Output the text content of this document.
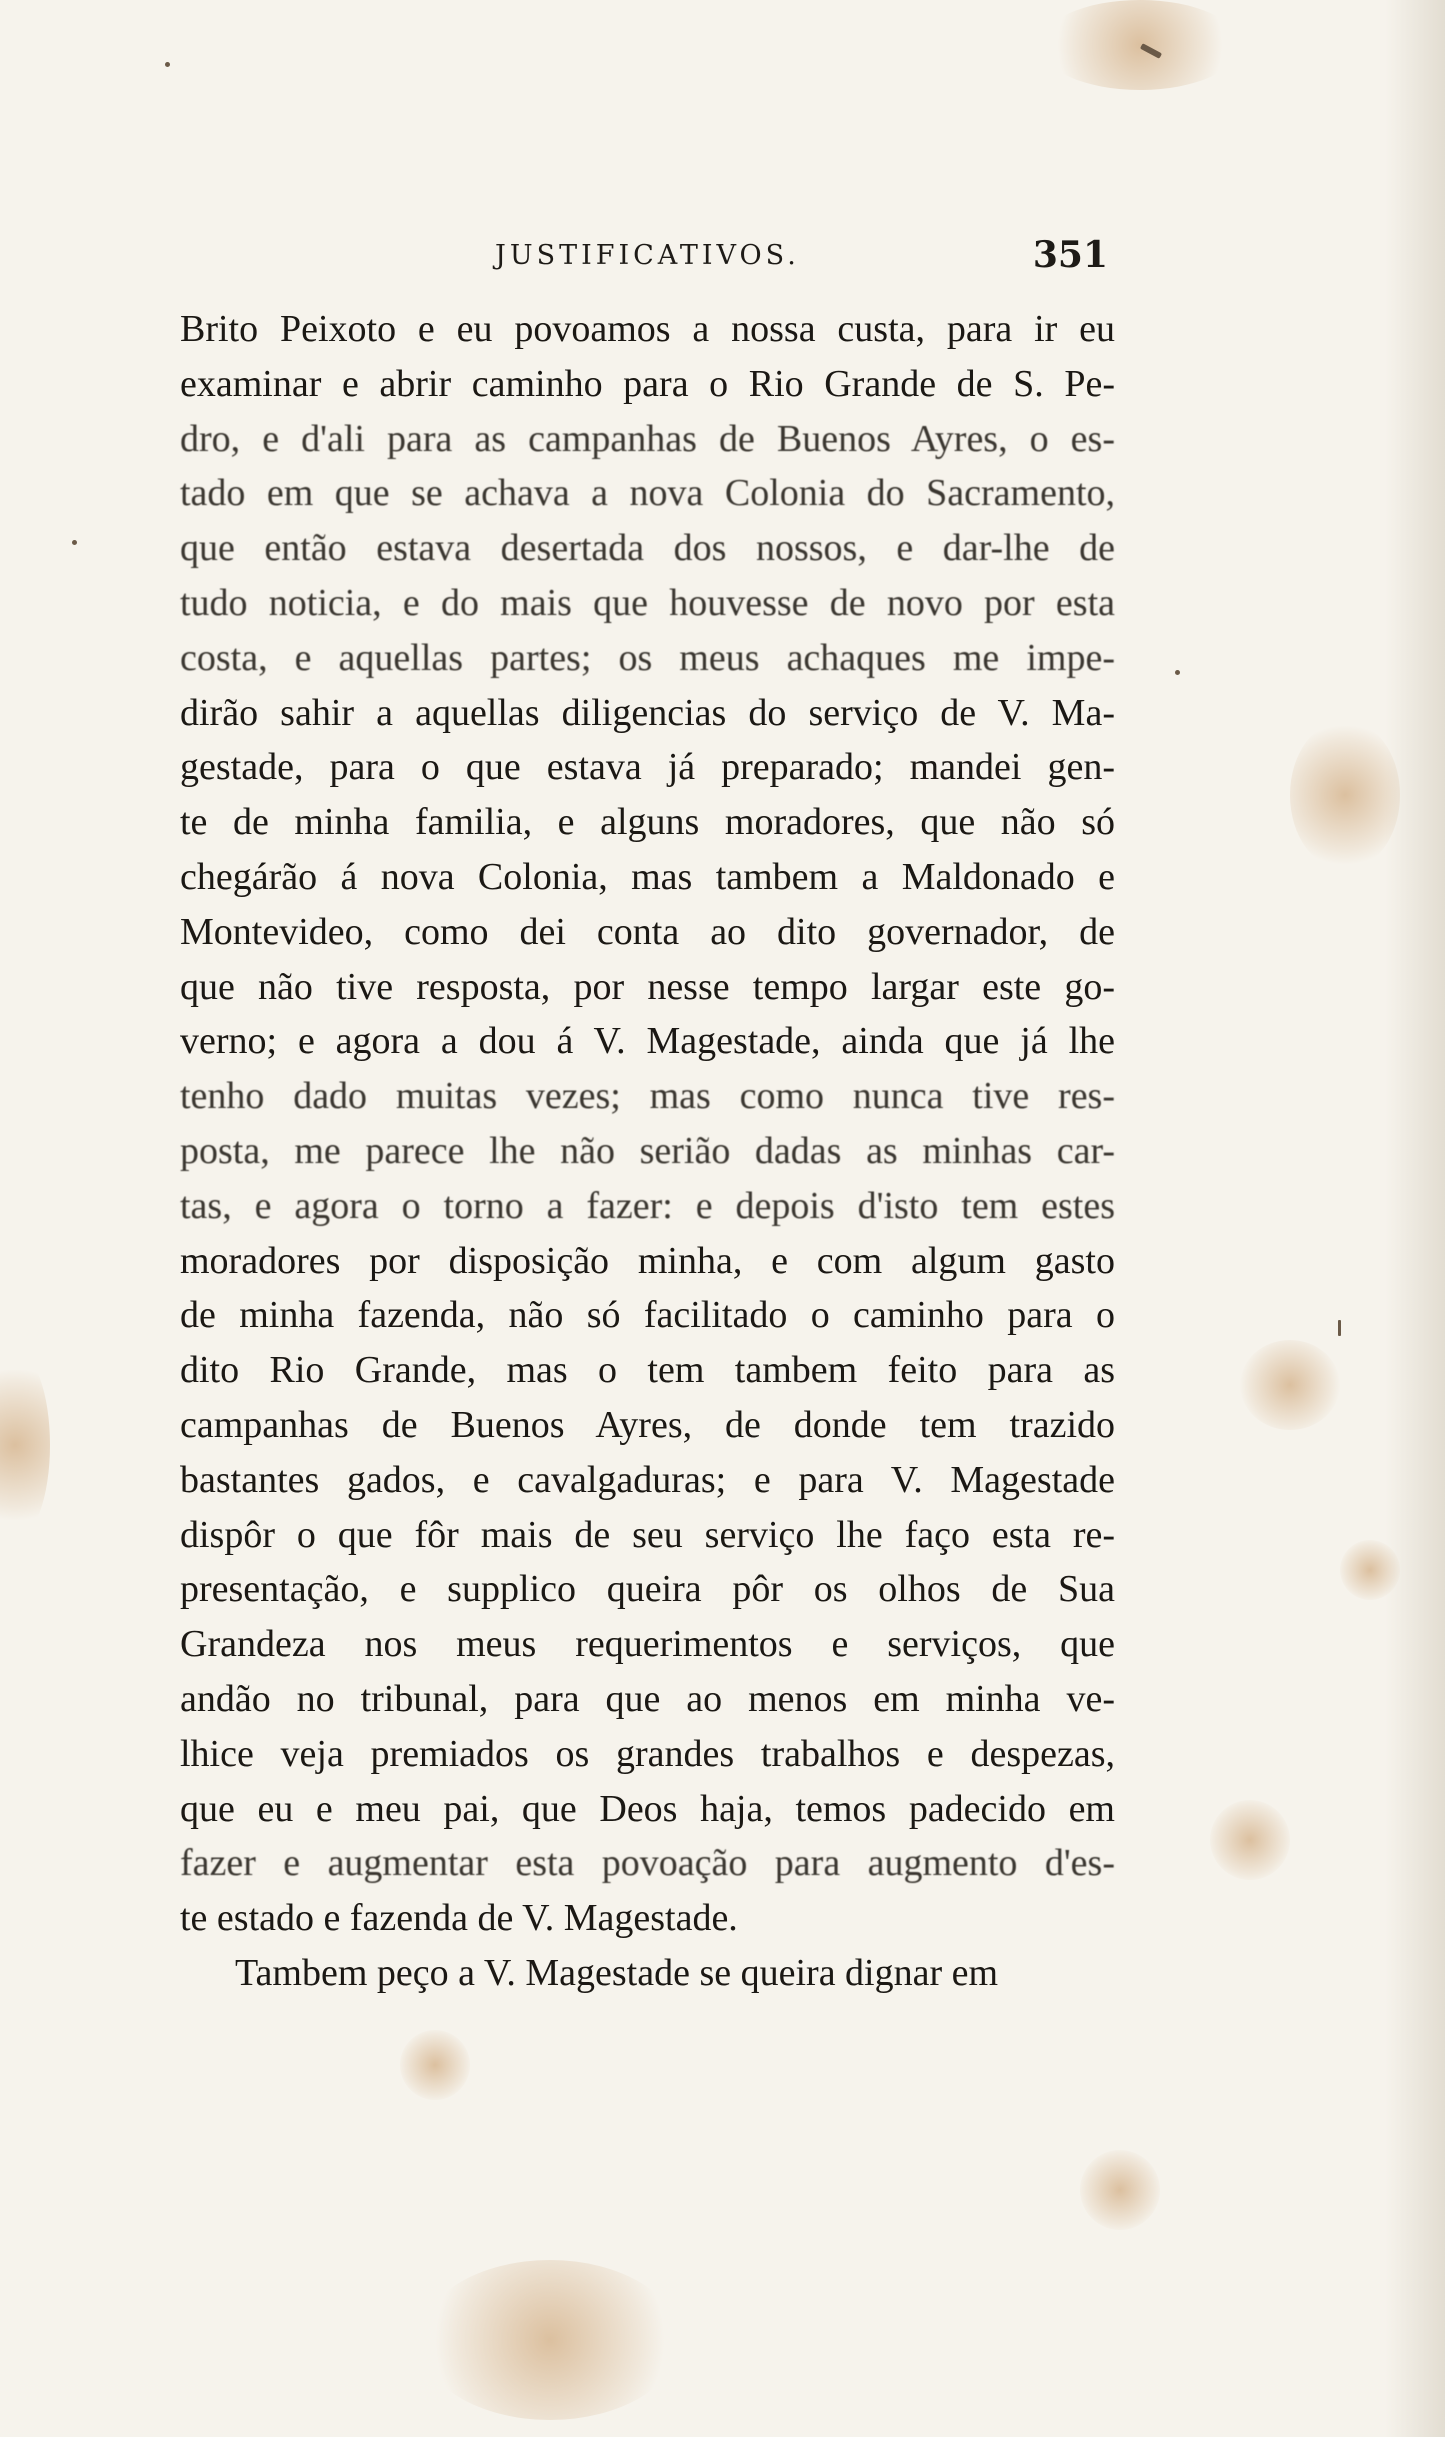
JUSTIFICATIVOS.	351
Brito Peixoto e eu povoamos a nossa custa, para ir eu
examinar e abrir caminho para o Rio Grande de S. Pe-
dro, e d'ali para as campanhas de Buenos Ayres, o es-
tado em que se achava a nova Colonia do Sacramento,
que então estava desertada dos nossos, e dar-lhe de
tudo noticia, e do mais que houvesse de novo por esta
costa, e aquellas partes; os meus achaques me impe-
dirão sahir a aquellas diligencias do serviço de V. Ma-
gestade, para o que estava já preparado; mandei gen-
te de minha familia, e alguns moradores, que não só
chegárão á nova Colonia, mas tambem a Maldonado e
Montevideo, como dei conta ao dito governador, de
que não tive resposta, por nesse tempo largar este go-
verno; e agora a dou á V. Magestade, ainda que já lhe
tenho dado muitas vezes; mas como nunca tive res-
posta, me parece lhe não serião dadas as minhas car-
tas, e agora o torno a fazer: e depois d'isto tem estes
moradores por disposição minha, e com algum gasto
de minha fazenda, não só facilitado o caminho para o
dito Rio Grande, mas o tem tambem feito para as
campanhas de Buenos Ayres, de donde tem trazido
bastantes gados, e cavalgaduras; e para V. Magestade
dispôr o que fôr mais de seu serviço lhe faço esta re-
presentação, e supplico queira pôr os olhos de Sua
Grandeza nos meus requerimentos e serviços, que
andão no tribunal, para que ao menos em minha ve-
lhice veja premiados os grandes trabalhos e despezas,
que eu e meu pai, que Deos haja, temos padecido em
fazer e augmentar esta povoação para augmento d'es-
te estado e fazenda de V. Magestade.
Tambem peço a V. Magestade se queira dignar em
